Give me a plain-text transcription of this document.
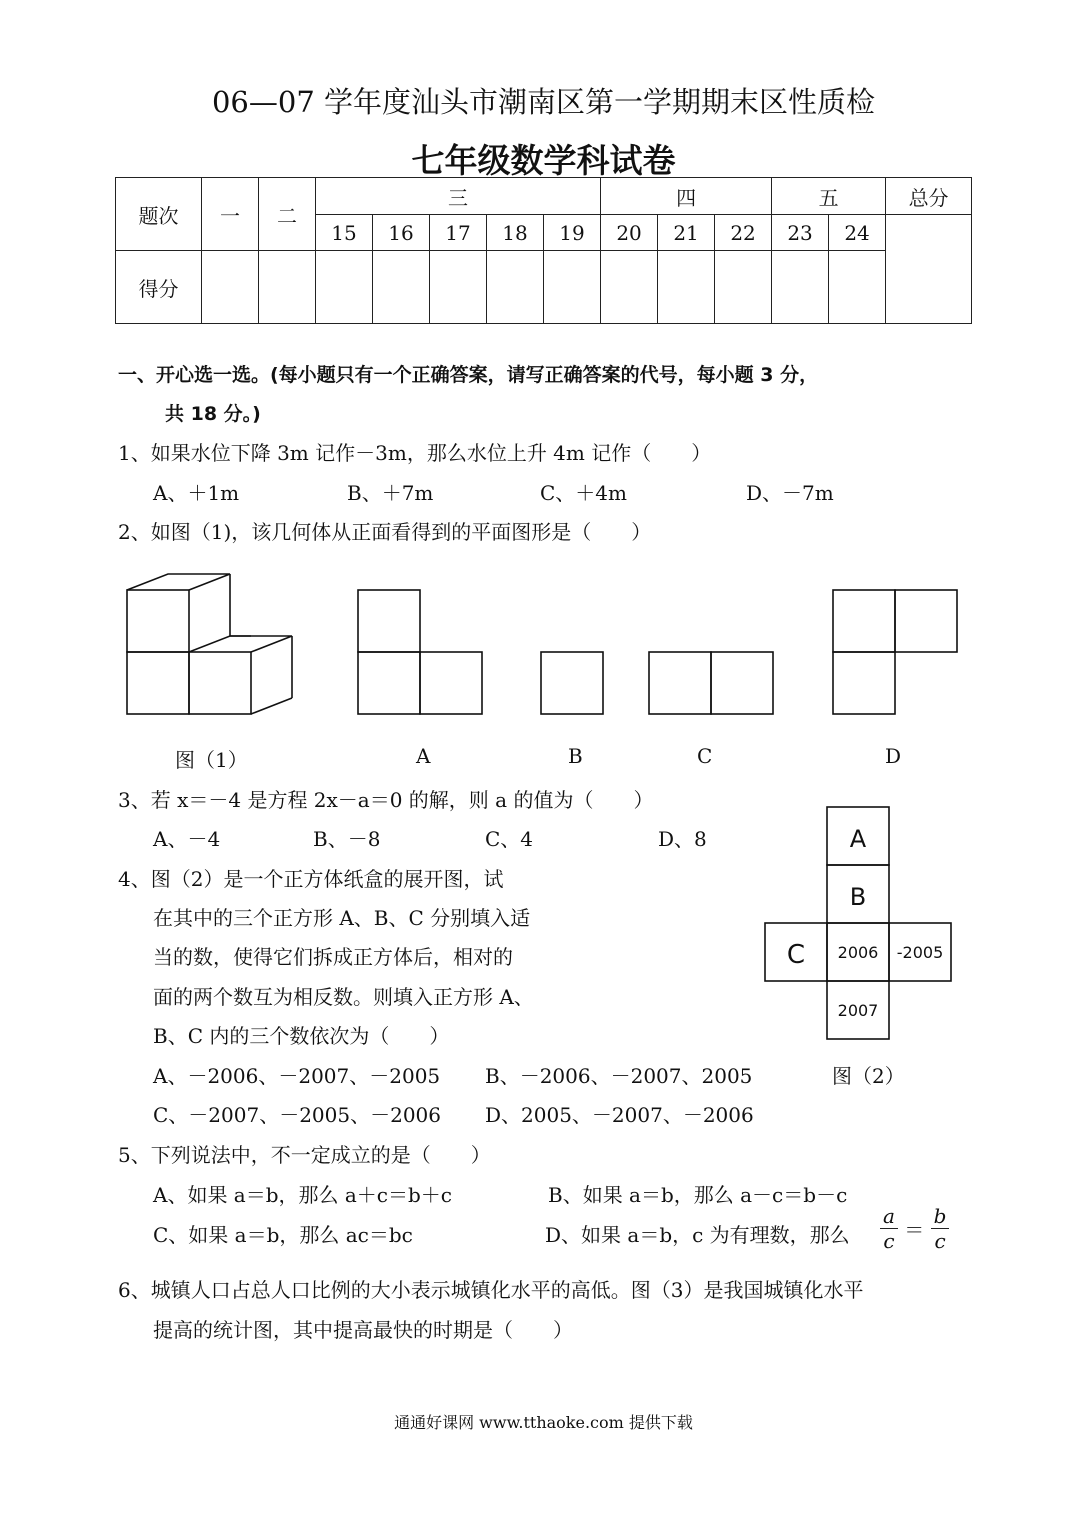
06—07 学年度汕头市潮南区第一学期期末区性质检
七年级数学科试卷
题次	一	二	三					四			五		总分
			15	16	17	18	19	20	21	22	23	24	
得分													
一、开心选一选。(每小题只有一个正确答案，请写正确答案的代号，每小题 3 分，
共 18 分。)
1、如果水位下降 3m 记作－3m，那么水位上升 4m 记作（　　）
A、＋1m	B、＋7m	C、＋4m	D、－7m
2、如图（1)，该几何体从正面看得到的平面图形是（　　）
图（1）	A	B	C	D
3、若 x＝－4 是方程 2x－a＝0 的解，则 a 的值为（　　）
A、－4	B、－8	C、4	D、8	A
B
C 2006 -2005
2007
4、图（2）是一个正方体纸盒的展开图，试
在其中的三个正方形 A、B、C 分别填入适
当的数，使得它们拆成正方体后，相对的
面的两个数互为相反数。则填入正方形 A、
B、C 内的三个数依次为（　　）
A、－2006、－2007、－2005 B、－2006、－2007、2005	图（2）
C、－2007、－2005、－2006 D、2005、－2007、－2006
5、下列说法中，不一定成立的是（　　）
A、如果 a＝b，那么 a＋c＝b＋c	B、如果 a＝b，那么 a－c＝b－c
C、如果 a＝b，那么 ac＝bc	D、如果 a＝b，c 为有理数，那么 $\frac{a}{c} = \frac{b}{c}$
6、城镇人口占总人口比例的大小表示城镇化水平的高低。图（3）是我国城镇化水平
提高的统计图，其中提高最快的时期是（　　）
通通好课网 www.tthaoke.com 提供下载
